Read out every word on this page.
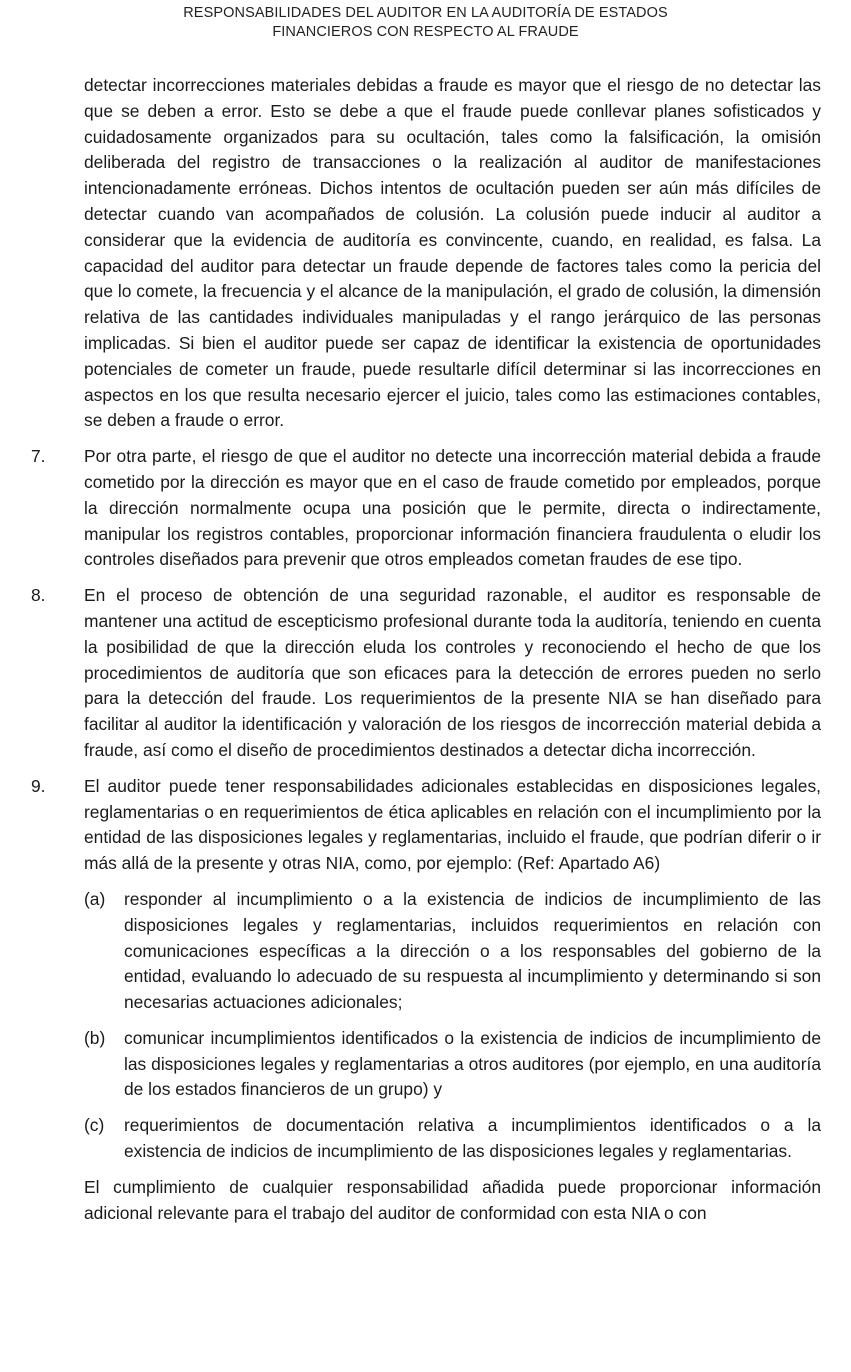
RESPONSABILIDADES DEL AUDITOR EN LA AUDITORÍA DE ESTADOS
FINANCIEROS CON RESPECTO AL FRAUDE

detectar incorrecciones materiales debidas a fraude es mayor que el riesgo de no detectar las que se deben a error. Esto se debe a que el fraude puede conllevar planes sofisticados y cuidadosamente organizados para su ocultación, tales como la falsificación, la omisión deliberada del registro de transacciones o la realización al auditor de manifestaciones intencionadamente erróneas. Dichos intentos de ocultación pueden ser aún más difíciles de detectar cuando van acompañados de colusión. La colusión puede inducir al auditor a considerar que la evidencia de auditoría es convincente, cuando, en realidad, es falsa. La capacidad del auditor para detectar un fraude depende de factores tales como la pericia del que lo comete, la frecuencia y el alcance de la manipulación, el grado de colusión, la dimensión relativa de las cantidades individuales manipuladas y el rango jerárquico de las personas implicadas. Si bien el auditor puede ser capaz de identificar la existencia de oportunidades potenciales de cometer un fraude, puede resultarle difícil determinar si las incorrecciones en aspectos en los que resulta necesario ejercer el juicio, tales como las estimaciones contables, se deben a fraude o error.

7.	Por otra parte, el riesgo de que el auditor no detecte una incorrección material debida a fraude cometido por la dirección es mayor que en el caso de fraude cometido por empleados, porque la dirección normalmente ocupa una posición que le permite, directa o indirectamente, manipular los registros contables, proporcionar información financiera fraudulenta o eludir los controles diseñados para prevenir que otros empleados cometan fraudes de ese tipo.
8.	En el proceso de obtención de una seguridad razonable, el auditor es responsable de mantener una actitud de escepticismo profesional durante toda la auditoría, teniendo en cuenta la posibilidad de que la dirección eluda los controles y reconociendo el hecho de que los procedimientos de auditoría que son eficaces para la detección de errores pueden no serlo para la detección del fraude. Los requerimientos de la presente NIA se han diseñado para facilitar al auditor la identificación y valoración de los riesgos de incorrección material debida a fraude, así como el diseño de procedimientos destinados a detectar dicha incorrección.
9.	El auditor puede tener responsabilidades adicionales establecidas en disposiciones legales, reglamentarias o en requerimientos de ética aplicables en relación con el incumplimiento por la entidad de las disposiciones legales y reglamentarias, incluido el fraude, que podrían diferir o ir más allá de la presente y otras NIA, como, por ejemplo: (Ref: Apartado A6)
(a)	responder al incumplimiento o a la existencia de indicios de incumplimiento de las disposiciones legales y reglamentarias, incluidos requerimientos en relación con comunicaciones específicas a la dirección o a los responsables del gobierno de la entidad, evaluando lo adecuado de su respuesta al incumplimiento y determinando si son necesarias actuaciones adicionales;
(b)	comunicar incumplimientos identificados o la existencia de indicios de incumplimiento de las disposiciones legales y reglamentarias a otros auditores (por ejemplo, en una auditoría de los estados financieros de un grupo) y
(c)	requerimientos de documentación relativa a incumplimientos identificados o a la existencia de indicios de incumplimiento de las disposiciones legales y reglamentarias.

El cumplimiento de cualquier responsabilidad añadida puede proporcionar información adicional relevante para el trabajo del auditor de conformidad con esta NIA o con
